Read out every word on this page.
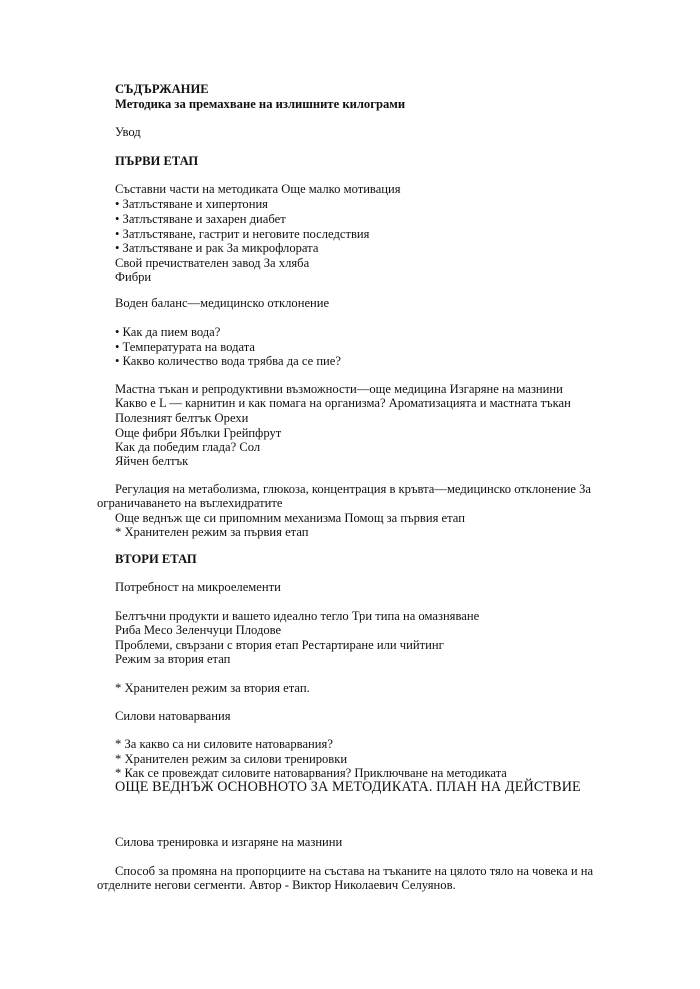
СЪДЪРЖАНИЕ
Методика за премахване на излишните килограми
Увод
ПЪРВИ ЕТАП
Съставни части на методиката Още малко мотивация
• Затлъстяване и хипертония
• Затлъстяване и захарен диабет
• Затлъстяване, гастрит и неговите последствия
• Затлъстяване и рак За микрофлората
Свой пречиствателен завод За хляба
Фибри
Воден баланс—медицинско отклонение
• Как да пием вода?
• Температурата на водата
• Какво количество вода трябва да се пие?
Мастна тъкан и репродуктивни възможности—още медицина Изгаряне на мазнини
Какво е L — карнитин и как помага на организма? Ароматизацията и мастната тъкан
Полезният белтък Орехи
Още фибри Ябълки Грейпфрут
Как да победим глада? Сол
Яйчен белтък
Регулация на метаболизма, глюкоза, концентрация в кръвта—медицинско отклонение За
ограничаването на въглехидратите
Още веднъж ще си припомним механизма Помощ за първия етап
* Хранителен режим за първия етап
ВТОРИ ЕТАП
Потребност на микроелементи
Белтъчни продукти и вашето идеално тегло Три типа на омазняване
Риба Месо Зеленчуци Плодове
Проблеми, свързани с втория етап Рестартиране или чийтинг
Режим за втория етап
* Хранителен режим за втория етап.
Силови натоварвания
* За какво са ни силовите натоварвания?
* Хранителен режим за силови тренировки
* Как се провеждат силовите натоварвания? Приключване на методиката
ОЩЕ ВЕДНЪЖ ОСНОВНОТО ЗА МЕТОДИКАТА. ПЛАН НА ДЕЙСТВИЕ
Силова тренировка и изгаряне на мазнини
Способ за промяна на пропорциите на състава на тъканите на цялото тяло на човека и на
отделните негови сегменти. Автор - Виктор Николаевич Селуянов.
